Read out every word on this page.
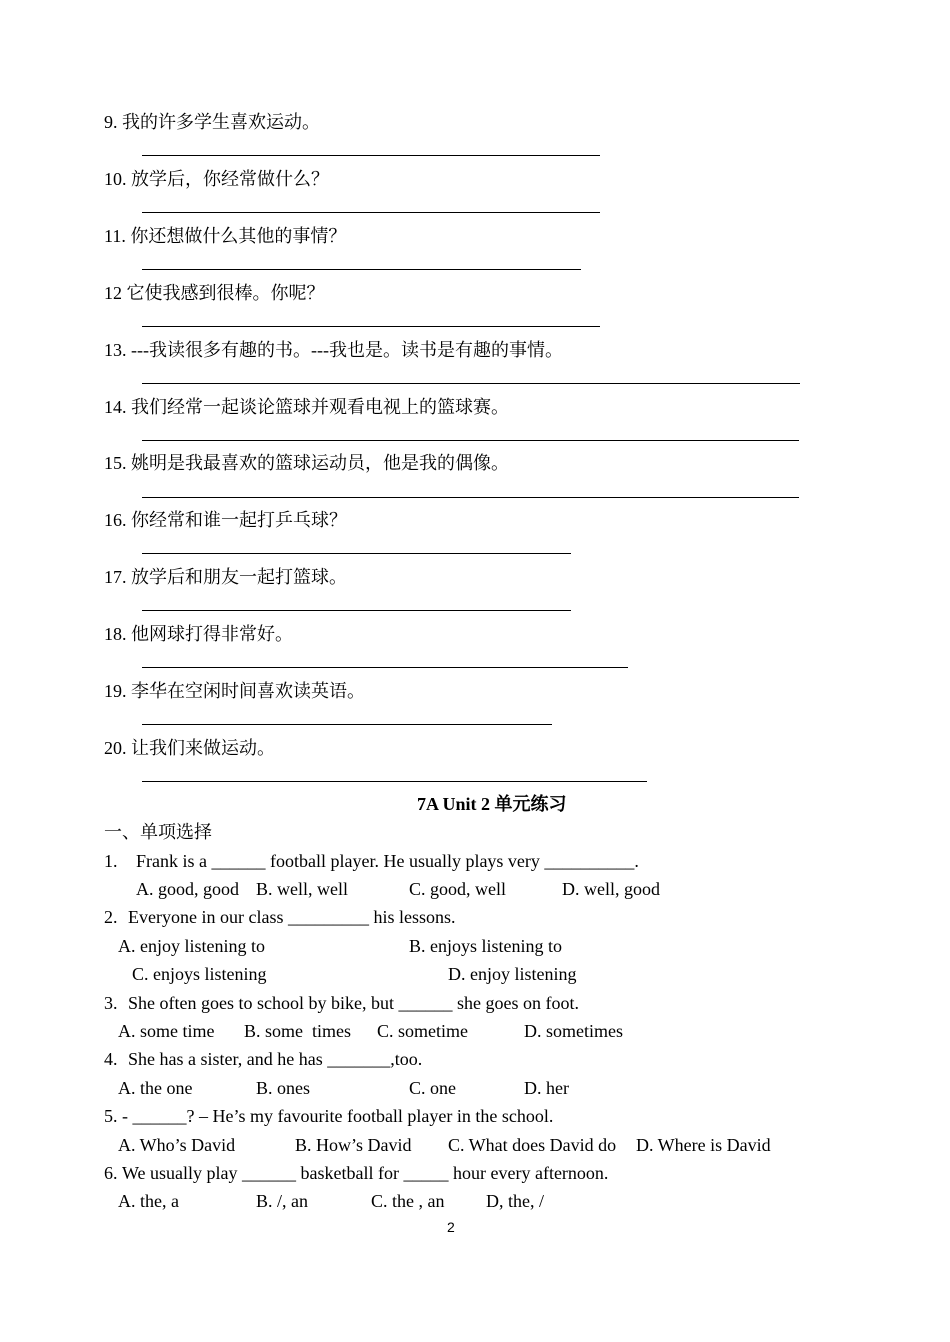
9. 我的许多学生喜欢运动。
10. 放学后，你经常做什么？
11. 你还想做什么其他的事情？
12 它使我感到很棒。你呢？
13. ---我读很多有趣的书。---我也是。读书是有趣的事情。
14. 我们经常一起谈论篮球并观看电视上的篮球赛。
15. 姚明是我最喜欢的篮球运动员，他是我的偶像。
16. 你经常和谁一起打乒乓球？
17. 放学后和朋友一起打篮球。
18. 他网球打得非常好。
19. 李华在空闲时间喜欢读英语。
20. 让我们来做运动。
7A Unit 2 单元练习
一、单项选择
1. Frank is a ______ football player. He usually plays very __________.
A. good, good B. well, well	C. good, well	D. well, good
2. Everyone in our class _________ his lessons.
A. enjoy listening to	B. enjoys listening to
C. enjoys listening	D. enjoy listening
3. She often goes to school by bike, but ______ she goes on foot.
A. some time B. some  times C. sometime	D. sometimes
4. She has a sister, and he has _______,too.
A. the one	B. ones	C. one	D. her
5. - ______? – He’s my favourite football player in the school.
A. Who’s David	B. How’s David C. What does David do D. Where is David
6. We usually play ______ basketball for _____ hour every afternoon.
A. the, a	B. /, an	C. the , an D, the, /
2
